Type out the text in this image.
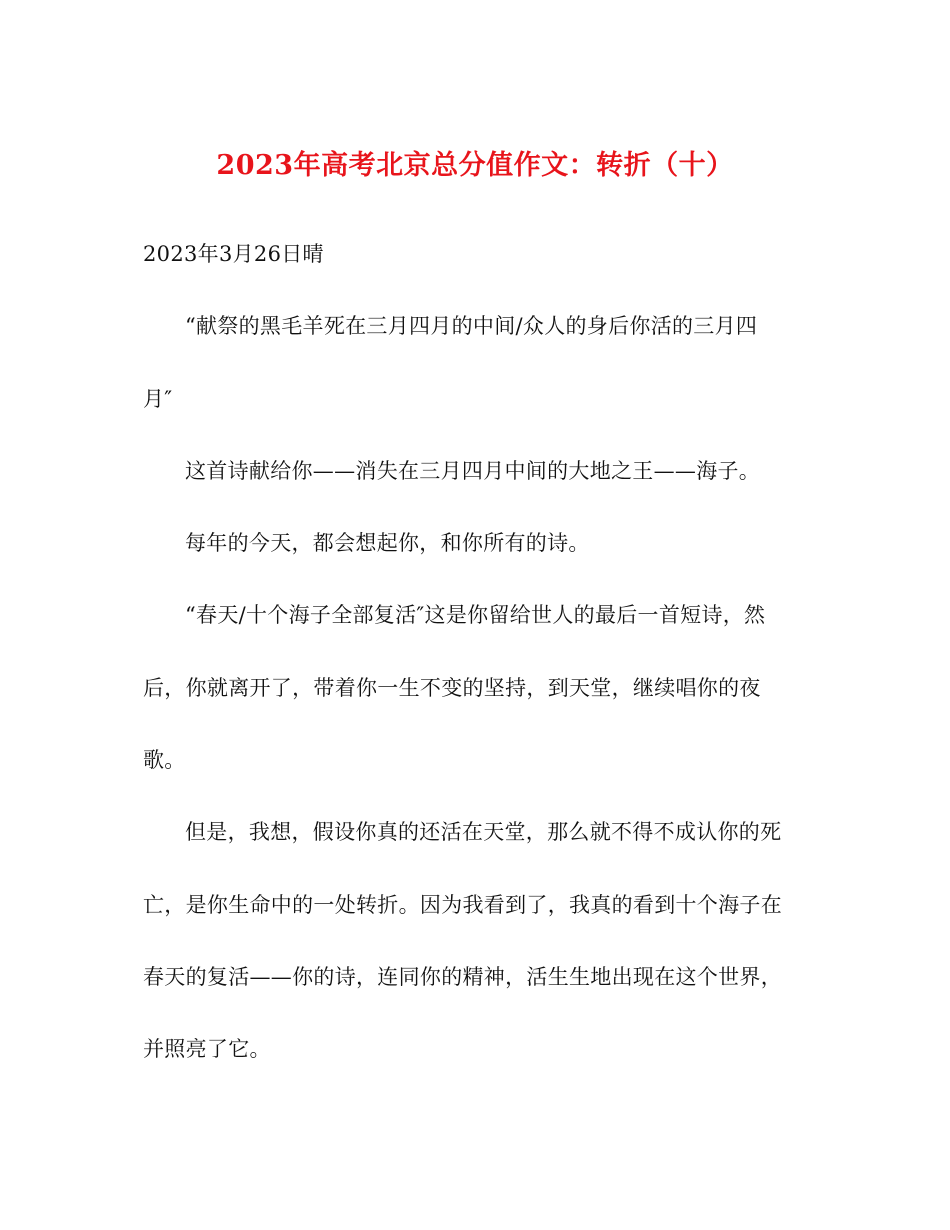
2023年高考北京总分值作文：转折（十）

2023年3月26日晴

“献祭的黑毛羊死在三月四月的中间/众人的身后你活的三月四
月″

这首诗献给你——消失在三月四月中间的大地之王——海子。

每年的今天，都会想起你，和你所有的诗。

“春天/十个海子全部复活″这是你留给世人的最后一首短诗，然
后，你就离开了，带着你一生不变的坚持，到天堂，继续唱你的夜
歌。

但是，我想，假设你真的还活在天堂，那么就不得不成认你的死
亡，是你生命中的一处转折。因为我看到了，我真的看到十个海子在
春天的复活——你的诗，连同你的精神，活生生地出现在这个世界，
并照亮了它。
